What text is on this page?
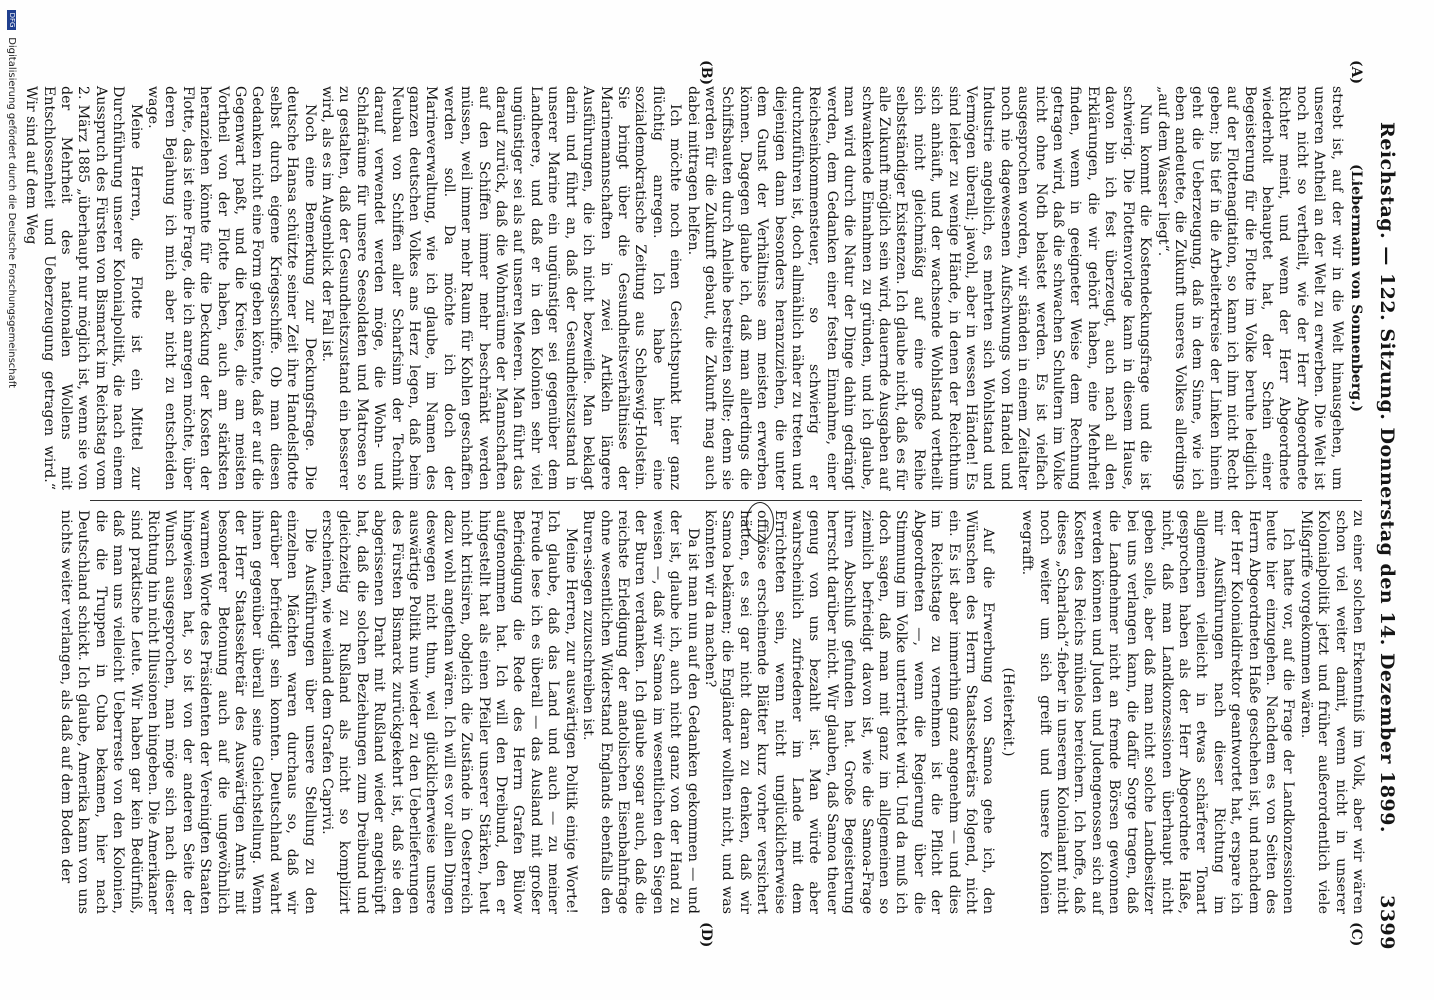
Reichstag. — 122. Sitzung. Donnerstag den 14. Dezember 1899.
3399
(A)
(B)
(C)
(D)

(Liebermann von Sonnenberg.)

strebt ist, auf der wir in die Welt hinausgehen, um unseren Antheil an der Welt zu erwerben. Die Welt ist noch nicht so vertheilt, wie der Herr Abgeordnete Richter meint, und wenn der Herr Abgeordnete wiederholt behauptet hat, der Schein einer Begeisterung für die Flotte im Volke beruhe lediglich auf der Flottenagitation, so kann ich ihm nicht Recht geben; bis tief in die Arbeiterkreise der Linken hinein geht die Ueberzeugung, daß in dem Sinne, wie ich eben andeutete, die Zukunft unseres Volkes allerdings „auf dem Wasser liegt“.

Nun kommt die Kostendeckungsfrage und die ist schwierig. Die Flottenvorlage kann in diesem Hause, davon bin ich fest überzeugt, auch nach all den Erklärungen, die wir gehört haben, eine Mehrheit finden, wenn in geeigneter Weise dem Rechnung getragen wird, daß die schwachen Schultern im Volke nicht ohne Noth belastet werden. Es ist vielfach ausgesprochen worden, wir ständen in einem Zeitalter noch nie dagewesenen Aufschwungs von Handel und Industrie angeblich, es mehrten sich Wohlstand und Vermögen überall; jawohl, aber in wessen Händen! Es sind leider zu wenige Hände, in denen der Reichthum sich anhäuft, und der wachsende Wohlstand vertheilt sich nicht gleichmäßig auf eine große Reihe selbstständiger Existenzen. Ich glaube nicht, daß es für alle Zukunft möglich sein wird, dauernde Ausgaben auf schwankende Einnahmen zu gründen, und ich glaube, man wird durch die Natur der Dinge dahin gedrängt werden, dem Gedanken einer festen Einnahme, einer Reichseinkommensteuer, so schwierig er durchzuführen ist, doch allmählich näher zu treten und diejenigen dann besonders heranzuziehen, die unter dem Gunst der Verhältnisse am meisten erwerben können. Dagegen glaube ich, daß man allerdings die Schiffsbauten durch Anleihe bestreiten sollte; denn sie werden für die Zukunft gebaut, die Zukunft mag auch dabei mittragen helfen.

Ich möchte noch einen Gesichtspunkt hier ganz flüchtig anregen. Ich habe hier eine sozialdemokratische Zeitung aus Schleswig-Holstein. Sie bringt über die Gesundheitsverhältnisse der Marinemannschaften in zwei Artikeln längere Ausführungen, die ich nicht bezweifle. Man beklagt darin und führt an, daß der Gesundheitszustand in unserer Marine ein ungünstiger sei gegenüber dem Landheere, und daß er in den Kolonien sehr viel ungünstiger sei als auf unseren Meeren. Man führt das darauf zurück, daß die Wohnräume der Mannschaften auf den Schiffen immer mehr beschränkt werden müssen, weil immer mehr Raum für Kohlen geschaffen werden soll. Da möchte ich doch der Marineverwaltung, wie ich glaube, im Namen des ganzen deutschen Volkes ans Herz legen, daß beim Neubau von Schiffen aller Scharfsinn der Technik darauf verwendet werden möge, die Wohn- und Schlafräume für unsere Seesoldaten und Matrosen so zu gestalten, daß der Gesundheitszustand ein besserer wird, als es im Augenblick der Fall ist.

Noch eine Bemerkung zur Deckungsfrage. Die deutsche Hansa schützte seiner Zeit ihre Handelsflotte selbst durch eigene Kriegsschiffe. Ob man diesen Gedanken nicht eine Form geben könnte, daß er auf die Gegenwart paßt, und die Kreise, die am meisten Vortheil von der Flotte haben, auch am stärksten heranziehen könnte für die Deckung der Kosten der Flotte, das ist eine Frage, die ich anregen möchte, über deren Bejahung ich mich aber nicht zu entscheiden wage.

Meine Herren, die Flotte ist ein Mittel zur Durchführung unserer Kolonialpolitik, die nach einem Ausspruch des Fürsten von Bismarck im Reichstag vom 2. März 1885 „überhaupt nur möglich ist, wenn sie von der Mehrheit des nationalen Wollens mit Entschlossenheit und Ueberzeugung getragen wird.“ Wir sind auf dem Weg

zu einer solchen Erkenntniß im Volk, aber wir wären schon viel weiter damit, wenn nicht in unserer Kolonialpolitik jetzt und früher außerordentlich viele Mißgriffe vorgekommen wären.

Ich hatte vor, auf die Frage der Landkonzessionen heute hier einzugehen. Nachdem es von Seiten des Herrn Abgeordneten Haße geschehen ist, und nachdem der Herr Kolonialdirektor geantwortet hat, erspare ich mir Ausführungen nach dieser Richtung im allgemeinen vielleicht in etwas schärferer Tonart gesprochen haben als der Herr Abgeordnete Haße, nicht, daß man Landkonzessionen überhaupt nicht geben solle, aber daß man nicht solche Landbesitzer bei uns verlangen kann, die dafür Sorge tragen, daß die Landnehmer nicht an fremde Börsen gewonnen werden können und Juden und Judengenossen sich auf Kosten des Reichs mühelos bereichern. Ich hoffe, daß dieses „Scharlach“-fieber in unserem Kolonialamt nicht noch weiter um sich greift und unsere Kolonien wegrafft.

(Heiterkeit.)

Auf die Erwerbung von Samoa gehe ich, den Wünschen des Herrn Staatssekretärs folgend, nicht ein. Es ist aber immerhin ganz angenehm — und dies im Reichstage zu vernehmen ist die Pflicht der Abgeordneten —, wenn die Regierung über die Stimmung im Volke unterrichtet wird. Und da muß ich doch sagen, daß man mit ganz im allgemeinen so ziemlich befriedigt davon ist, wie die Samoa-Frage ihren Abschluß gefunden hat. Große Begeisterung herrscht darüber nicht. Wir glauben, daß Samoa theuer genug von uns bezahlt ist. Man würde aber wahrscheinlich zufriedener im Lande mit dem Errichteten sein, wenn nicht unglücklicherweise offiziöse erscheinende Blätter kurz vorher versichert hätten, es sei gar nicht daran zu denken, daß wir Samoa bekämen; die Engländer wollten nicht, und was könnten wir da machen?

Da ist man nun auf den Gedanken gekommen — und der ist, glaube ich, auch nicht ganz von der Hand zu weisen —, daß wir Samoa im wesentlichen den Siegen der Buren verdanken. Ich glaube sogar auch, daß die reichste Erledigung der anatolischen Eisenbahnfrage ohne wesentlichen Widerstand Englands ebenfalls den Buren-siegen zuzuschreiben ist.

Meine Herren, zur auswärtigen Politik einige Worte! Ich glaube, daß das Land und auch — zu meiner Freude lese ich es überall — das Ausland mit großer Befriedigung die Rede des Herrn Grafen Bülow aufgenommen hat. Ich will den Dreibund, den er hingestellt hat als einen Pfeiler unserer Stärken, heut nicht kritisiren, obgleich die Zustände in Oesterreich dazu wohl angethan wären. Ich will es vor allen Dingen deswegen nicht thun, weil glücklicherweise unsere auswärtige Politik nun wieder zu den Ueberlieferungen des Fürsten Bismarck zurückgekehrt ist, daß sie den abgerissenen Draht mit Rußland wieder angeknüpft hat, daß die solchen Beziehungen zum Dreibund und gleichzeitig zu Rußland als nicht so komplizirt erscheinen, wie weiland dem Grafen Caprivi.

Die Ausführungen über unsere Stellung zu den einzelnen Mächten waren durchaus so, daß wir darüber befriedigt sein konnten. Deutschland wahrt ihnen gegenüber überall seine Gleichstellung. Wenn der Herr Staatssekretär des Auswärtigen Amts mit besonderer Betonung auch auf die ungewöhnlich warmen Worte des Präsidenten der Vereinigten Staaten hingewiesen hat, so ist von der anderen Seite der Wunsch ausgesprochen, man möge sich nach dieser Richtung hin nicht Illusionen hingeben. Die Amerikaner sind praktische Leute. Wir haben gar kein Bedürfniß, daß man uns vielleicht Ueberreste von den Kolonien, die die Truppen in Cuba bekamen, hier nach Deutschland schickt. Ich glaube, Amerika kann von uns nichts weiter verlangen, als daß auf dem Boden der

DFG Digitalisierung gefördert durch die Deutsche Forschungsgemeinschaft
